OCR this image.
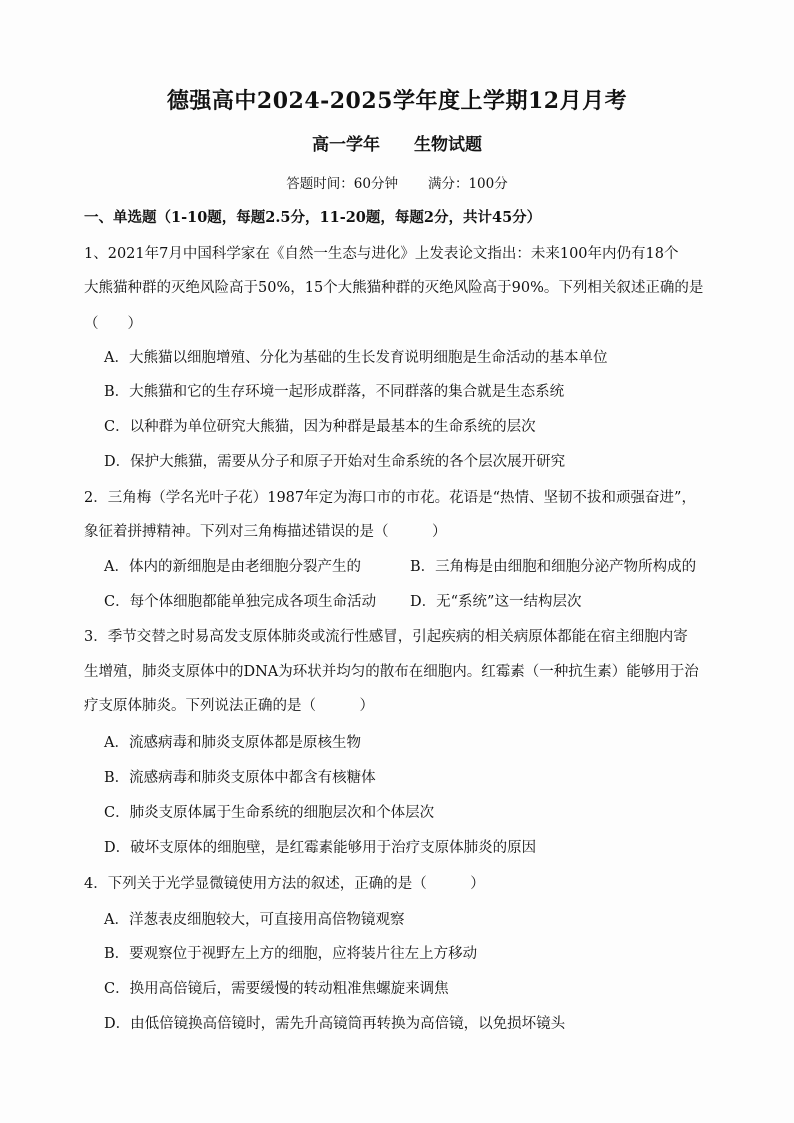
德强高中2024-2025学年度上学期12月月考
高一学年 生物试题
答题时间：60分钟 满分：100分
一、单选题（1-10题，每题2.5分，11-20题，每题2分，共计45分）
1、2021年7月中国科学家在《自然一生态与进化》上发表论文指出：未来100年内仍有18个
大熊猫种群的灭绝风险高于50%，15个大熊猫种群的灭绝风险高于90%。下列相关叙述正确的是
（　　）
A．大熊猫以细胞增殖、分化为基础的生长发育说明细胞是生命活动的基本单位
B．大熊猫和它的生存环境一起形成群落，不同群落的集合就是生态系统
C．以种群为单位研究大熊猫，因为种群是最基本的生命系统的层次
D．保护大熊猫，需要从分子和原子开始对生命系统的各个层次展开研究
2．三角梅（学名光叶子花）1987年定为海口市的市花。花语是“热情、坚韧不拔和顽强奋进”，
象征着拼搏精神。下列对三角梅描述错误的是（　　　）
A．体内的新细胞是由老细胞分裂产生的	B．三角梅是由细胞和细胞分泌产物所构成的
C．每个体细胞都能单独完成各项生命活动 D．无“系统”这一结构层次
3．季节交替之时易高发支原体肺炎或流行性感冒，引起疾病的相关病原体都能在宿主细胞内寄
生增殖，肺炎支原体中的DNA为环状并均匀的散布在细胞内。红霉素（一种抗生素）能够用于治
疗支原体肺炎。下列说法正确的是（　　　）
A．流感病毒和肺炎支原体都是原核生物
B．流感病毒和肺炎支原体中都含有核糖体
C．肺炎支原体属于生命系统的细胞层次和个体层次
D．破坏支原体的细胞壁，是红霉素能够用于治疗支原体肺炎的原因
4．下列关于光学显微镜使用方法的叙述，正确的是（　　　）
A．洋葱表皮细胞较大，可直接用高倍物镜观察
B．要观察位于视野左上方的细胞，应将装片往左上方移动
C．换用高倍镜后，需要缓慢的转动粗准焦螺旋来调焦
D．由低倍镜换高倍镜时，需先升高镜筒再转换为高倍镜，以免损坏镜头
